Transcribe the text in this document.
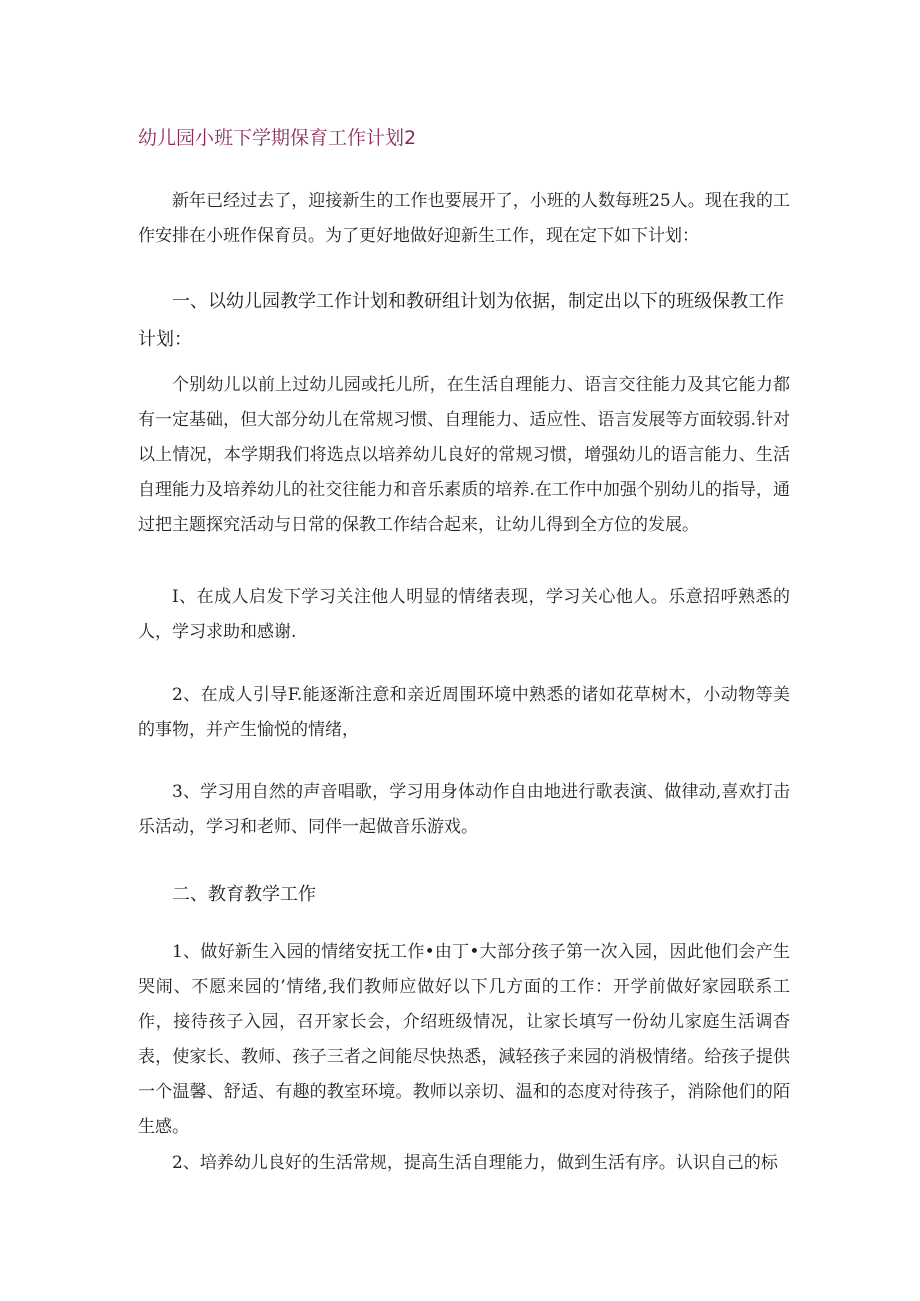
幼儿园小班下学期保育工作计划2

新年已经过去了，迎接新生的工作也要展开了，小班的人数每班25人。现在我的工作安排在小班作保育员。为了更好地做好迎新生工作，现在定下如下计划：

一、以幼儿园教学工作计划和教研组计划为依据，制定出以下的班级保教工作计划：

个别幼儿以前上过幼儿园或托儿所，在生活自理能力、语言交往能力及其它能力都有一定基础，但大部分幼儿在常规习惯、自理能力、适应性、语言发展等方面较弱.针对以上情况，本学期我们将选点以培养幼儿良好的常规习惯，增强幼儿的语言能力、生活自理能力及培养幼儿的社交往能力和音乐素质的培养.在工作中加强个别幼儿的指导，通过把主题探究活动与日常的保教工作结合起来，让幼儿得到全方位的发展。

I、在成人启发下学习关注他人明显的情绪表现，学习关心他人。乐意招呼熟悉的人，学习求助和感谢.

2、在成人引导F.能逐渐注意和亲近周围环境中熟悉的诸如花草树木，小动物等美的事物，并产生愉悦的情绪，

3、学习用自然的声音唱歌，学习用身体动作自由地进行歌表演、做律动,喜欢打击乐活动，学习和老师、同伴一起做音乐游戏。

二、教育教学工作

1、做好新生入园的情绪安抚工作•由丁•大部分孩子第一次入园，因此他们会产生哭闹、不愿来园的’情绪,我们教师应做好以下几方面的工作：开学前做好家园联系工作，接待孩子入园，召开家长会，介绍班级情况，让家长填写一份幼儿家庭生活调杳表，使家长、教师、孩子三者之间能尽快热悉，減轻孩子来园的消极情绪。给孩子提供一个温馨、舒适、有趣的教室环境。教师以亲切、温和的态度对待孩子，消除他们的陌生感。

2、培养幼儿良好的生活常规，提高生活自理能力，做到生活有序。认识自己的标
